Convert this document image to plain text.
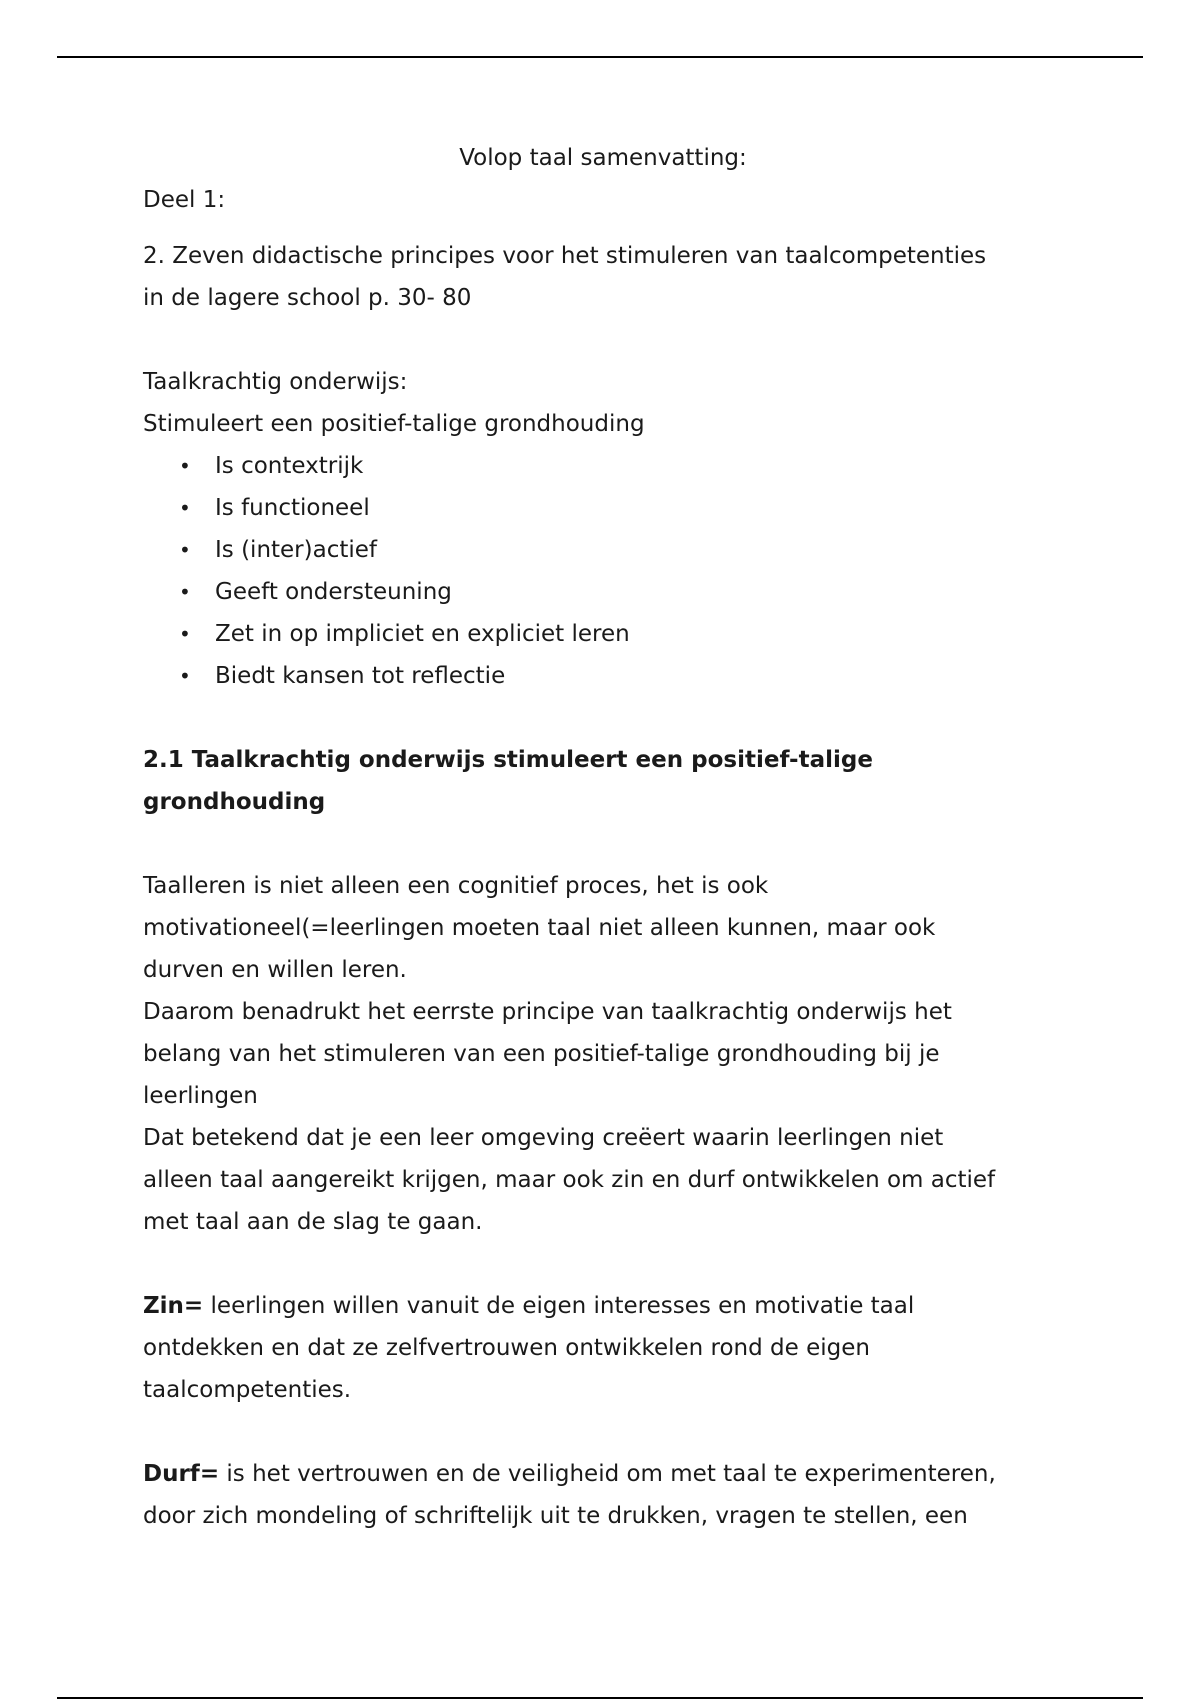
Volop taal samenvatting:

Deel 1:

2. Zeven didactische principes voor het stimuleren van taalcompetenties

in de lagere school p. 30- 80

Taalkrachtig onderwijs:

Stimuleert een positief-talige grondhouding

• Is contextrijk
• Is functioneel
• Is (inter)actief
• Geeft ondersteuning
• Zet in op impliciet en expliciet leren
• Biedt kansen tot reflectie

2.1 Taalkrachtig onderwijs stimuleert een positief-talige

grondhouding

Taalleren is niet alleen een cognitief proces, het is ook

motivationeel(=leerlingen moeten taal niet alleen kunnen, maar ook

durven en willen leren.

Daarom benadrukt het eerrste principe van taalkrachtig onderwijs het

belang van het stimuleren van een positief-talige grondhouding bij je

leerlingen

Dat betekend dat je een leer omgeving creëert waarin leerlingen niet

alleen taal aangereikt krijgen, maar ook zin en durf ontwikkelen om actief

met taal aan de slag te gaan.

Zin= leerlingen willen vanuit de eigen interesses en motivatie taal

ontdekken en dat ze zelfvertrouwen ontwikkelen rond de eigen

taalcompetenties.

Durf= is het vertrouwen en de veiligheid om met taal te experimenteren,

door zich mondeling of schriftelijk uit te drukken, vragen te stellen, een
